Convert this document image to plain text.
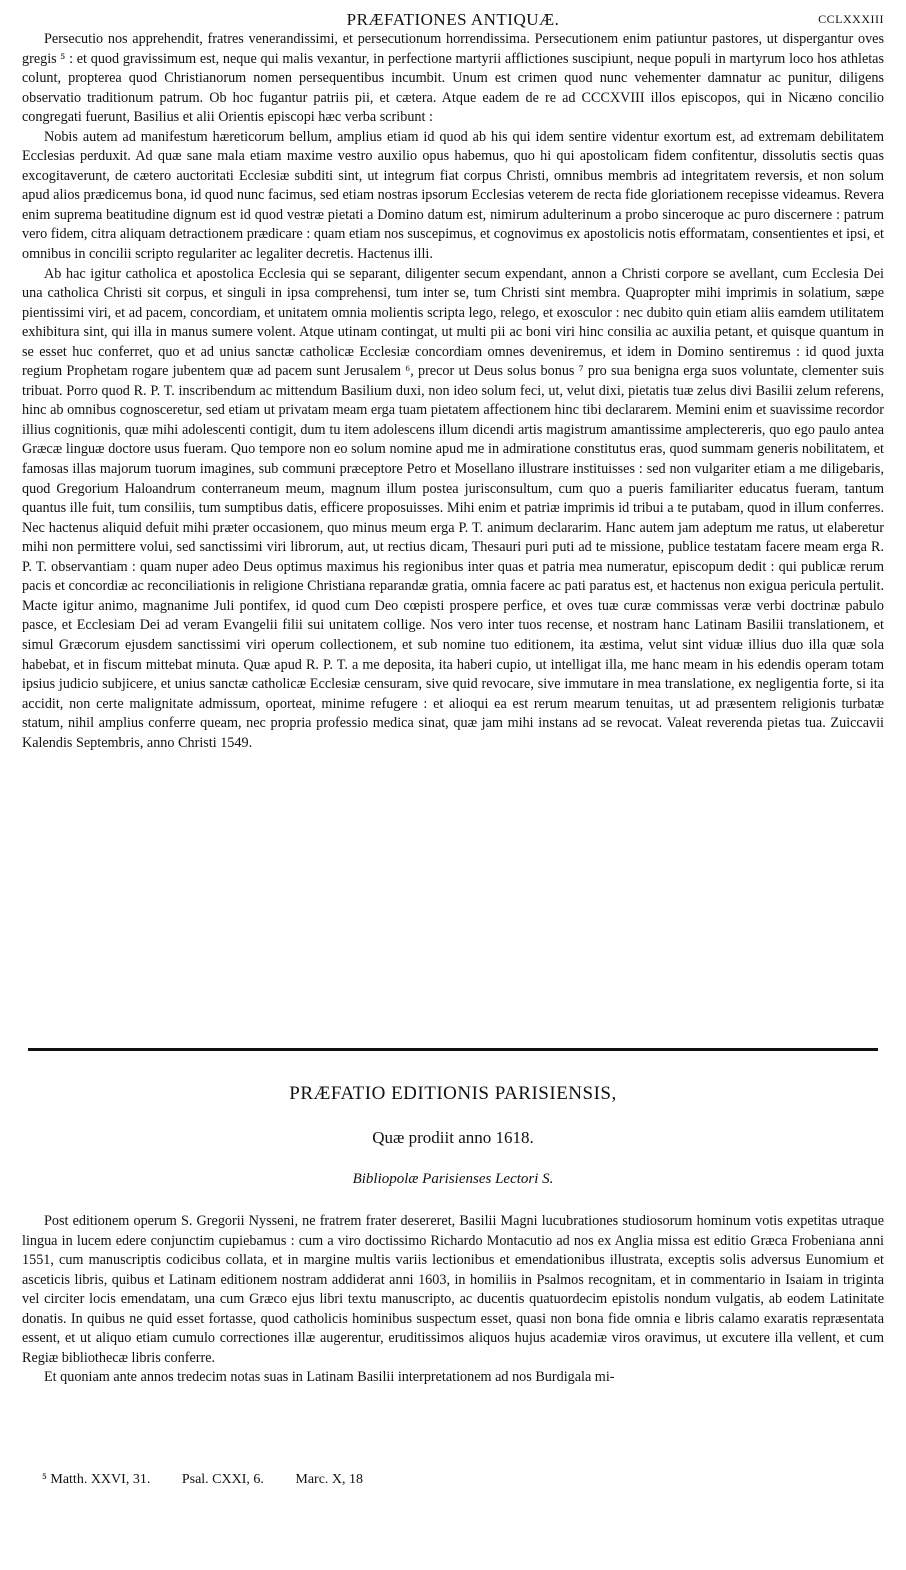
PRÆFATIONES ANTIQUÆ.	CCLXXXIII

Persecutio nos apprehendit, fratres venerandissimi, et persecutionum horrendissima. Persecutionem enim patiuntur pastores, ut dispergantur oves gregis ⁵ : et quod gravissimum est, neque qui malis vexantur, in perfectione martyrii afflictiones suscipiunt, neque populi in martyrum loco hos athletas colunt, propterea quod Christianorum nomen persequentibus incumbit. Unum est crimen quod nunc vehementer damnatur ac punitur, diligens observatio traditionum patrum. Ob hoc fugantur patriis pii, et cætera. Atque eadem de re ad CCCXVIII illos episcopos, qui in Nicæno concilio congregati fuerunt, Basilius et alii Orientis episcopi hæc verba scribunt :

Nobis autem ad manifestum hæreticorum bellum, amplius etiam id quod ab his qui idem sentire videntur exortum est, ad extremam debilitatem Ecclesias perduxit. Ad quæ sane mala etiam maxime vestro auxilio opus habemus, quo hi qui apostolicam fidem confitentur, dissolutis sectis quas excogitaverunt, de cætero auctoritati Ecclesiæ subditi sint, ut integrum fiat corpus Christi, omnibus membris ad integritatem reversis, et non solum apud alios prædicemus bona, id quod nunc facimus, sed etiam nostras ipsorum Ecclesias veterem de recta fide gloriationem recepisse videamus. Revera enim suprema beatitudine dignum est id quod vestræ pietati a Domino datum est, nimirum adulterinum a probo sinceroque ac puro discernere : patrum vero fidem, citra aliquam detractionem prædicare : quam etiam nos suscepimus, et cognovimus ex apostolicis notis efformatam, consentientes et ipsi, et omnibus in concilii scripto regulariter ac legaliter decretis. Hactenus illi.

Ab hac igitur catholica et apostolica Ecclesia qui se separant, diligenter secum expendant, annon a Christi corpore se avellant, cum Ecclesia Dei una catholica Christi sit corpus, et singuli in ipsa comprehensi, tum inter se, tum Christi sint membra. Quapropter mihi imprimis in solatium, sæpe pientissimi viri, et ad pacem, concordiam, et unitatem omnia molientis scripta lego, relego, et exosculor : nec dubito quin etiam aliis eamdem utilitatem exhibitura sint, qui illa in manus sumere volent. Atque utinam contingat, ut multi pii ac boni viri hinc consilia ac auxilia petant, et quisque quantum in se esset huc conferret, quo et ad unius sanctæ catholicæ Ecclesiæ concordiam omnes deveniremus, et idem in Domino sentiremus : id quod juxta regium Prophetam rogare jubentem quæ ad pacem sunt Jerusalem ⁶, precor ut Deus solus bonus ⁷ pro sua benigna erga suos voluntate, clementer suis tribuat. Porro quod R. P. T. inscribendum ac mittendum Basilium duxi, non ideo solum feci, ut, velut dixi, pietatis tuæ zelus divi Basilii zelum referens, hinc ab omnibus cognosceretur, sed etiam ut privatam meam erga tuam pietatem affectionem hinc tibi declararem. Memini enim et suavissime recordor illius cognitionis, quæ mihi adolescenti contigit, dum tu item adolescens illum dicendi artis magistrum amantissime amplectereris, quo ego paulo antea Græcæ linguæ doctore usus fueram. Quo tempore non eo solum nomine apud me in admiratione constitutus eras, quod summam generis nobilitatem, et famosas illas majorum tuorum imagines, sub communi præceptore Petro et Mosellano illustrare instituisses : sed non vulgariter etiam a me diligebaris, quod Gregorium Haloandrum conterraneum meum, magnum illum postea jurisconsultum, cum quo a pueris familiariter educatus fueram, tantum quantus ille fuit, tum consiliis, tum sumptibus datis, efficere proposuisses. Mihi enim et patriæ imprimis id tribui a te putabam, quod in illum conferres. Nec hactenus aliquid defuit mihi præter occasionem, quo minus meum erga P. T. animum declararim. Hanc autem jam adeptum me ratus, ut elaberetur mihi non permittere volui, sed sanctissimi viri librorum, aut, ut rectius dicam, Thesauri puri puti ad te missione, publice testatam facere meam erga R. P. T. observantiam : quam nuper adeo Deus optimus maximus his regionibus inter quas et patria mea numeratur, episcopum dedit : qui publicæ rerum pacis et concordiæ ac reconciliationis in religione Christiana reparandæ gratia, omnia facere ac pati paratus est, et hactenus non exigua pericula pertulit. Macte igitur animo, magnanime Juli pontifex, id quod cum Deo cœpisti prospere perfice, et oves tuæ curæ commissas veræ verbi doctrinæ pabulo pasce, et Ecclesiam Dei ad veram Evangelii filii sui unitatem collige. Nos vero inter tuos recense, et nostram hanc Latinam Basilii translationem, et simul Græcorum ejusdem sanctissimi viri operum collectionem, et sub nomine tuo editionem, ita æstima, velut sint viduæ illius duo illa quæ sola habebat, et in fiscum mittebat minuta. Quæ apud R. P. T. a me deposita, ita haberi cupio, ut intelligat illa, me hanc meam in his edendis operam totam ipsius judicio subjicere, et unius sanctæ catholicæ Ecclesiæ censuram, sive quid revocare, sive immutare in mea translatione, ex negligentia forte, si ita accidit, non certe malignitate admissum, oporteat, minime refugere : et alioqui ea est rerum mearum tenuitas, ut ad præsentem religionis turbatæ statum, nihil amplius conferre queam, nec propria professio medica sinat, quæ jam mihi instans ad se revocat. Valeat reverenda pietas tua. Zuiccavii Kalendis Septembris, anno Christi 1549.

PRÆFATIO EDITIONIS PARISIENSIS,
Quæ prodiit anno 1618.
Bibliopolæ Parisienses Lectori S.

Post editionem operum S. Gregorii Nysseni, ne fratrem frater desereret, Basilii Magni lucubrationes studiosorum hominum votis expetitas utraque lingua in lucem edere conjunctim cupiebamus : cum a viro doctissimo Richardo Montacutio ad nos ex Anglia missa est editio Græca Frobeniana anni 1551, cum manuscriptis codicibus collata, et in margine multis variis lectionibus et emendationibus illustrata, exceptis solis adversus Eunomium et asceticis libris, quibus et Latinam editionem nostram addiderat anni 1603, in homiliis in Psalmos recognitam, et in commentario in Isaiam in triginta vel circiter locis emendatam, una cum Græco ejus libri textu manuscripto, ac ducentis quatuordecim epistolis nondum vulgatis, ab eodem Latinitate donatis. In quibus ne quid esset fortasse, quod catholicis hominibus suspectum esset, quasi non bona fide omnia e libris calamo exaratis repræsentata essent, et ut aliquo etiam cumulo correctiones illæ augerentur, eruditissimos aliquos hujus academiæ viros oravimus, ut excutere illa vellent, et cum Regiæ bibliothecæ libris conferre.

Et quoniam ante annos tredecim notas suas in Latinam Basilii interpretationem ad nos Burdigala mi-

⁵ Matth. XXVI, 31. Psal. CXXI, 6. Marc. X, 18
